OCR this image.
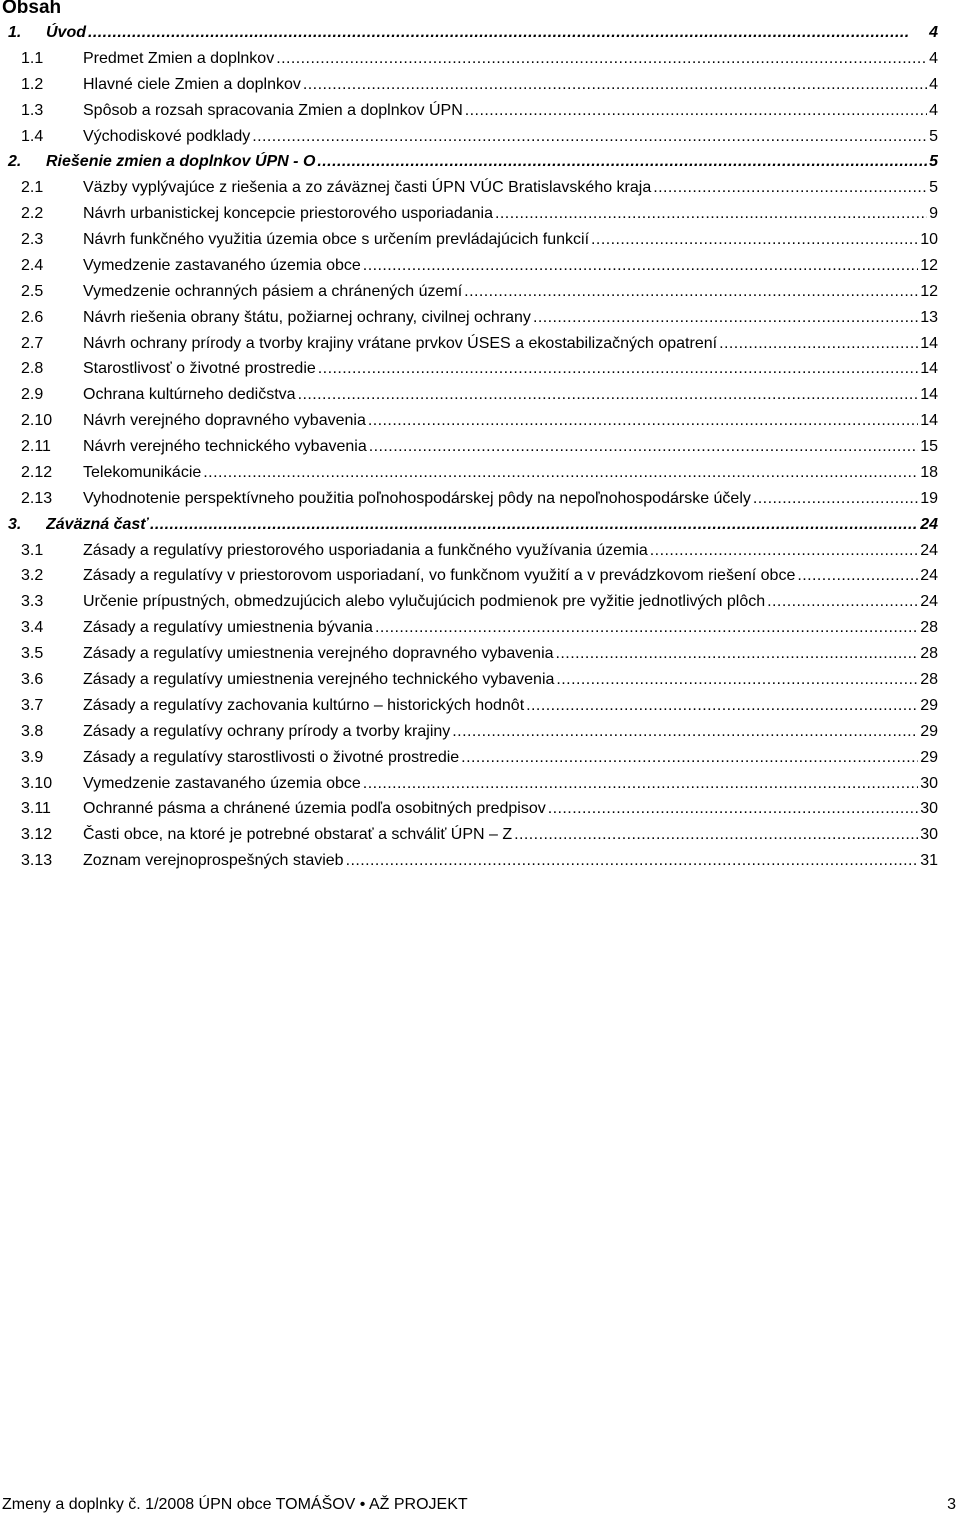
Obsah
1. Úvod . . .	4
1.1 Predmet Zmien a doplnkov . . .	4
1.2 Hlavné ciele Zmien a doplnkov . . .	4
1.3 Spôsob a rozsah spracovania Zmien a doplnkov ÚPN . . .	4
1.4 Východiskové podklady . . .	5
2. Riešenie zmien a doplnkov ÚPN - O . . .	5
2.1 Väzby vyplývajúce z riešenia a zo záväznej časti ÚPN VÚC Bratislavského kraja . . .	5
2.2 Návrh urbanistickej koncepcie priestorového usporiadania . . .	9
2.3 Návrh funkčného využitia územia obce s určením prevládajúcich funkcií . . .	10
2.4 Vymedzenie zastavaného územia obce . . .	12
2.5 Vymedzenie ochranných pásiem a chránených území . . .	12
2.6 Návrh riešenia obrany štátu, požiarnej ochrany, civilnej ochrany . . .	13
2.7 Návrh ochrany prírody a tvorby krajiny vrátane prvkov ÚSES a ekostabilizačných opatrení . . .	14
2.8 Starostlivosť o životné prostredie . . .	14
2.9 Ochrana kultúrneho dedičstva . . .	14
2.10 Návrh verejného dopravného vybavenia . . .	14
2.11 Návrh verejného technického vybavenia . . .	15
2.12 Telekomunikácie . . .	18
2.13 Vyhodnotenie perspektívneho použitia poľnohospodárskej pôdy na nepoľnohospodárske účely . . .	19
3. Záväzná časť . . .	24
3.1 Zásady a regulatívy priestorového usporiadania a funkčného využívania územia . . .	24
3.2 Zásady a regulatívy v priestorovom usporiadaní, vo funkčnom využití a v prevádzkovom riešení obce . . .	24
3.3 Určenie prípustných, obmedzujúcich alebo vylučujúcich podmienok pre vyžitie jednotlivých plôch . . .	24
3.4 Zásady a regulatívy umiestnenia bývania . . .	28
3.5 Zásady a regulatívy umiestnenia verejného dopravného vybavenia . . .	28
3.6 Zásady a regulatívy umiestnenia verejného technického vybavenia . . .	28
3.7 Zásady a regulatívy zachovania kultúrno – historických hodnôt . . .	29
3.8 Zásady a regulatívy ochrany prírody a tvorby krajiny . . .	29
3.9 Zásady a regulatívy starostlivosti o životné prostredie . . .	29
3.10 Vymedzenie zastavaného územia obce . . .	30
3.11 Ochranné pásma a chránené územia podľa osobitných predpisov . . .	30
3.12 Časti obce, na ktoré je potrebné obstarať a schváliť ÚPN – Z . . .	30
3.13 Zoznam verejnoprospešných stavieb . . .	31
Zmeny a doplnky č. 1/2008 ÚPN obce TOMÁŠOV • AŽ PROJEKT	3
